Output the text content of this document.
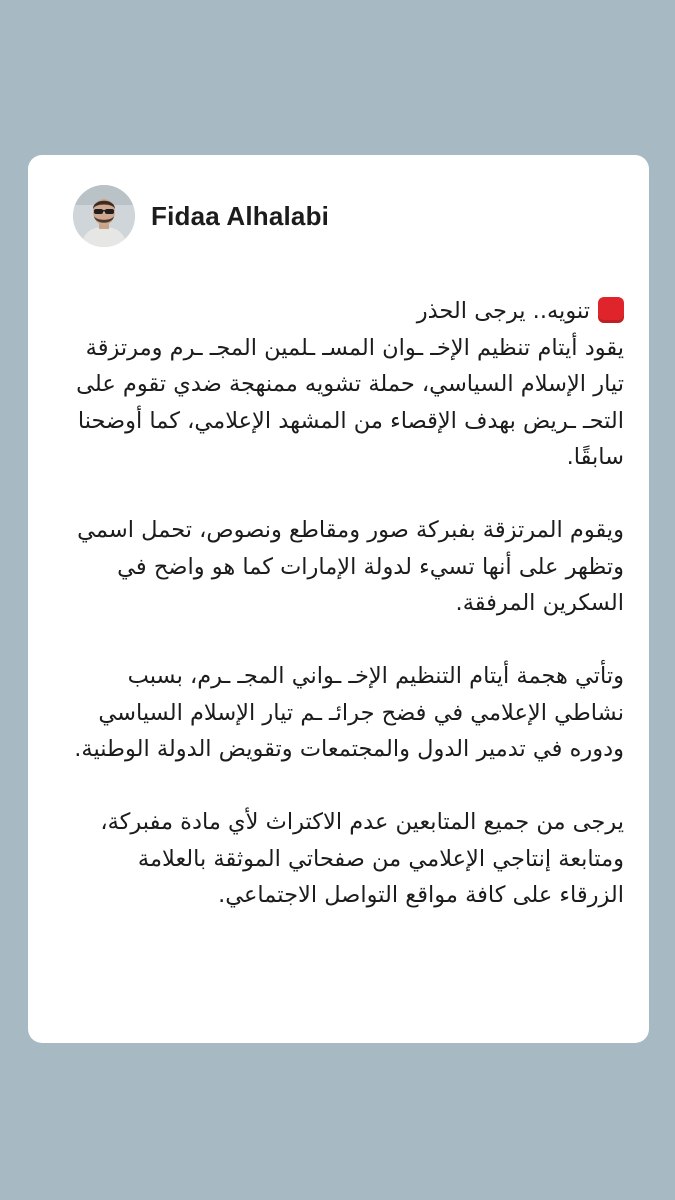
Fidaa Alhalabi

تنويه.. يرجى الحذر

يقود أيتام تنظيم الإخـ ـوان المسـ ـلمين المجـ ـرم ومرتزقة تيار الإسلام السياسي، حملة تشويه ممنهجة ضدي تقوم على التحـ ـريض بهدف الإقصاء من المشهد الإعلامي، كما أوضحنا سابقًا.

ويقوم المرتزقة بفبركة صور ومقاطع ونصوص، تحمل اسمي وتظهر على أنها تسيء لدولة الإمارات كما هو واضح في السكرين المرفقة.

وتأتي هجمة أيتام التنظيم الإخـ ـواني المجـ ـرم، بسبب نشاطي الإعلامي في فضح جرائـ ـم تيار الإسلام السياسي ودوره في تدمير الدول والمجتمعات وتقويض الدولة الوطنية.

يرجى من جميع المتابعين عدم الاكتراث لأي مادة مفبركة، ومتابعة إنتاجي الإعلامي من صفحاتي الموثقة بالعلامة الزرقاء على كافة مواقع التواصل الاجتماعي.
